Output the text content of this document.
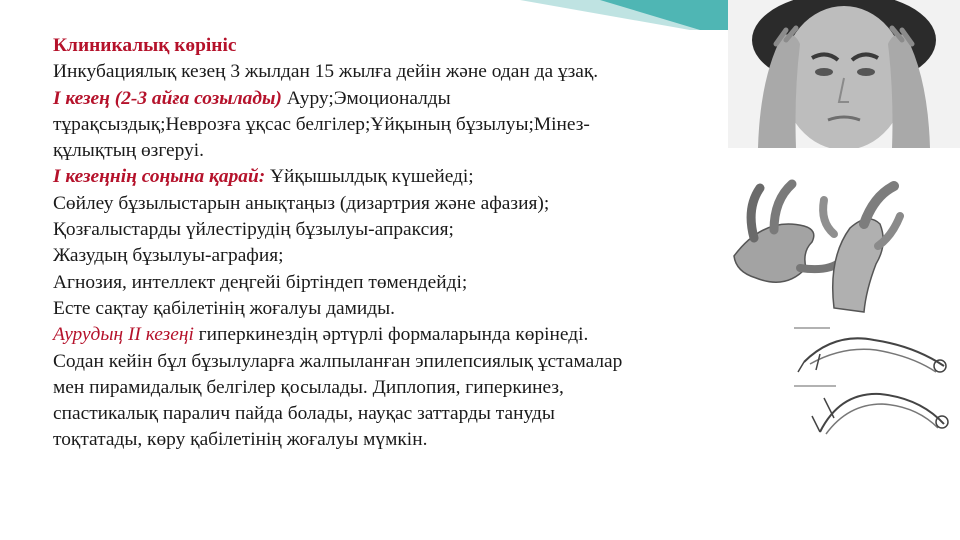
Клиникалық көрініс

Инкубациялық кезең 3 жылдан 15 жылға дейін және одан да ұзақ.

I кезең (2-3 айға созылады) Ауру;Эмоционалды

тұрақсыздық;Неврозға ұқсас белгілер;Ұйқының бұзылуы;Мінез-

құлықтың өзгеруі.

I кезеңнің соңына қарай: Ұйқышылдық күшейеді;

Сөйлеу бұзылыстарын анықтаңыз (дизартрия және афазия);

Қозғалыстарды үйлестірудің бұзылуы-апраксия;

Жазудың бұзылуы-аграфия;

Агнозия, интеллект деңгейі біртіндеп төмендейді;

Есте сақтау қабілетінің жоғалуы дамиды.

Аурудың II кезеңі гиперкинездің әртүрлі формаларында көрінеді.

Содан кейін бұл бұзылуларға жалпыланған эпилепсиялық ұстамалар

мен пирамидалық белгілер қосылады. Диплопия, гиперкинез,

спастикалық паралич пайда болады, науқас заттарды тануды

тоқтатады, көру қабілетінің жоғалуы мүмкін.
